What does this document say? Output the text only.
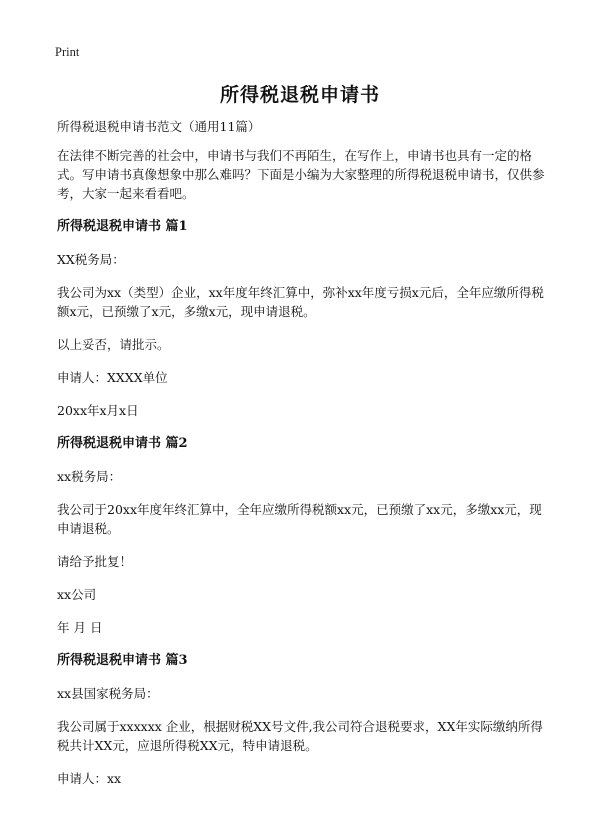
Print
所得税退税申请书

所得税退税申请书范文（通用11篇）

在法律不断完善的社会中，申请书与我们不再陌生，在写作上，申请书也具有一定的格式。写申请书真像想象中那么难吗？下面是小编为大家整理的所得税退税申请书，仅供参考，大家一起来看看吧。

所得税退税申请书 篇1

XX税务局：

我公司为xx（类型）企业，xx年度年终汇算中，弥补xx年度亏损x元后，全年应缴所得税额x元，已预缴了x元，多缴x元，现申请退税。

以上妥否，请批示。

申请人：XXXX单位

20xx年x月x日

所得税退税申请书 篇2

xx税务局：

我公司于20xx年度年终汇算中，全年应缴所得税额xx元，已预缴了xx元，多缴xx元，现申请退税。

请给予批复！

xx公司

年 月 日

所得税退税申请书 篇3

xx县国家税务局：

我公司属于xxxxxx 企业，根据财税XX号文件,我公司符合退税要求，XX年实际缴纳所得税共计XX元，应退所得税XX元，特申请退税。

申请人：xx
